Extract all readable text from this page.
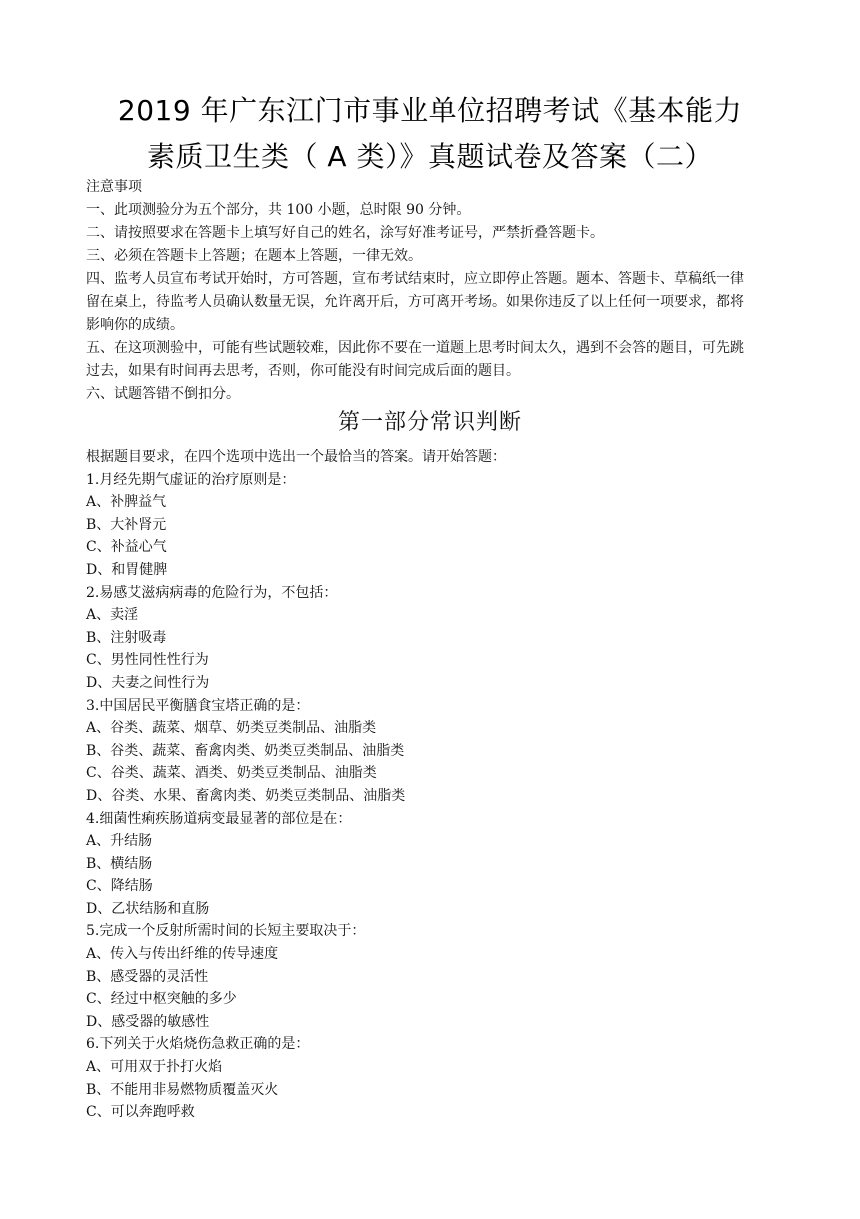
2019 年广东江门市事业单位招聘考试《基本能力
素质卫生类（ A 类）》真题试卷及答案（二）

注意事项

一、此项测验分为五个部分，共 100 小题，总时限 90 分钟。

二、请按照要求在答题卡上填写好自己的姓名，涂写好准考证号，严禁折叠答题卡。

三、必须在答题卡上答题；在题本上答题，一律无效。

四、监考人员宣布考试开始时，方可答题，宣布考试结束时，应立即停止答题。题本、答题卡、草稿纸一律留在桌上，待监考人员确认数量无误，允许离开后，方可离开考场。如果你违反了以上任何一项要求，都将影响你的成绩。

五、在这项测验中，可能有些试题较难，因此你不要在一道题上思考时间太久，遇到不会答的题目，可先跳过去，如果有时间再去思考，否则，你可能没有时间完成后面的题目。

六、试题答错不倒扣分。

第一部分常识判断

根据题目要求，在四个选项中选出一个最恰当的答案。请开始答题：

1.月经先期气虚证的治疗原则是：

A、补脾益气

B、大补肾元

C、补益心气

D、和胃健脾

2.易感艾滋病病毒的危险行为，不包括：

A、卖淫

B、注射吸毒

C、男性同性性行为

D、夫妻之间性行为

3.中国居民平衡膳食宝塔正确的是：

A、谷类、蔬菜、烟草、奶类豆类制品、油脂类

B、谷类、蔬菜、畜禽肉类、奶类豆类制品、油脂类

C、谷类、蔬菜、酒类、奶类豆类制品、油脂类

D、谷类、水果、畜禽肉类、奶类豆类制品、油脂类

4.细菌性痢疾肠道病变最显著的部位是在：

A、升结肠

B、横结肠

C、降结肠

D、乙状结肠和直肠

5.完成一个反射所需时间的长短主要取决于：

A、传入与传出纤维的传导速度

B、感受器的灵活性

C、经过中枢突触的多少

D、感受器的敏感性

6.下列关于火焰烧伤急救正确的是：

A、可用双于扑打火焰

B、不能用非易燃物质覆盖灭火

C、可以奔跑呼救
